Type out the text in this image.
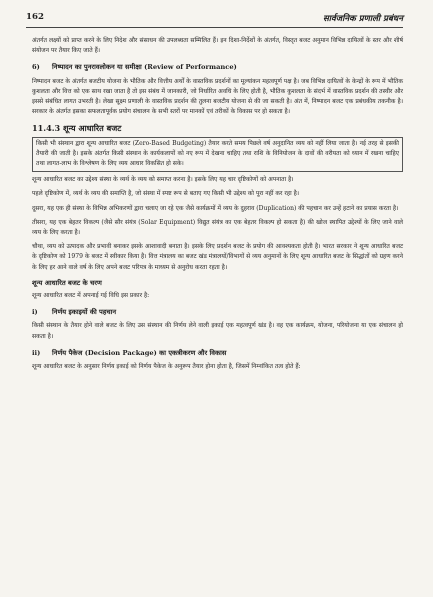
162	सार्वजनिक प्रणाली प्रबंधन

अंतर्गत लक्ष्यों को प्राप्त करने के लिए निदेश और संसाधन की उपलब्धता सम्मिलित हैं। इन दिशा-निर्देशों के अंतर्गत, विस्तृत बजट अनुमान विभिन्न दायित्वों के स्तर और शीर्ष संयोजन पर तैयार किए जाते हैं।

6) निष्पादन का पुनरावलोकन या समीक्षा (Review of Performance)

निष्पादन बजट के अंतर्गत बजटीय योजना के भौतिक और वित्तीय अर्थों के वास्तविक प्रदर्शनों का मूल्यांकन महत्वपूर्ण पक्ष है। जब विभिन्न दायित्वों के केन्द्रों के रूप में भौतिक कुशलता और वित्त को एक साथ रखा जाता है तो इस संबंध में जानकारी, जो निर्धारित अवधि के लिए होती है, भौतिक कुशलता के संदर्भ में वास्तविक प्रदर्शन की तस्वीर और इससे संबंधित लागत उभरती है। लेखा सूक्ष्म प्रणाली के वास्तविक प्रदर्शन की तुलना बजटीय योजना से की जा सकती है। अंत में, निष्पादन बजट एक प्रबंधकीय तकनीक है। सरकार के अंतर्गत इसका सफलतापूर्वक प्रयोग संचालन के सभी स्तरों पर मानकों एवं तरीकों के विकास पर हो सकता है।

11.4.3 शून्य आधारित बजट
किसी भी संस्थान द्वारा शून्य आधारित बजट (Zero-Based Budgeting) तैयार करते समय पिछले वर्ष अनुदानित व्यय को नहीं लिया जाता है। नई तरह से इसकी तैयारी की जाती है। इसके अंतर्गत किसी संस्थान के कार्यकलापों को नए रूप में देखना चाहिए तथा राशि के विनियोजन के दावों की वरीयता को ध्यान में रखना चाहिए तथा लागत-लाभ के विश्लेषण के लिए व्यय आधार विकसित हो सके।

शून्य आधारित बजट का उद्देश्य संस्था के व्यर्थ के व्यय को समाप्त करना है। इसके लिए यह चार दृष्टिकोणों को अपनाता है।

पहले दृष्टिकोण में, व्यर्थ के व्यय की समाप्ति है, जो संस्था में स्पष्ट रूप से बताए गए किसी भी उद्देश्य को पूरा नहीं कर रहा है।

दूसरा, यह एक ही संस्था के विभिन्न अभिकरणों द्वारा चलाए जा रहे एक जैसे कार्यक्रमों में व्यय के दुहराव (Duplication) की पहचान कर उन्हें हटाने का प्रयास करता है।

तीसरा, यह एक बेहतर विकल्प (जैसे सौर संयंत्र (Solar Equipment) विद्युत संयंत्र का एक बेहतर विकल्प हो सकता है) की खोज स्थापित उद्देश्यों के लिए जाने वाले व्यय के लिए करता है।

चौथा, व्यय को उत्पादक और प्रभावी बनाकर इसके आशावादी बनाता है। इसके लिए प्रदर्शन बजट के प्रयोग की आवश्यकता होती है। भारत सरकार ने शून्य आधारित बजट के दृष्टिकोण को 1979 के बजट में स्वीकार किया है। वित्त मंत्रालय का बजट खंड मंत्रालयों/विभागों से व्यय अनुमानों के लिए शून्य आधारित बजट के सिद्धांतों को ग्रहण करने के लिए हर आने वाले वर्ष के लिए अपने बजट परिपत्र के माध्यम से अनुरोध करता रहता है।

शून्य आधारित बजट के चरण

शून्य आधारित बजट में अपनाई गई विधि इस प्रकार है:

i) निर्णय इकाइयों की पहचान

किसी संस्थान के तैयार होने वाले बजट के लिए उस संस्थान की निर्णय लेने वाली इकाई एक महत्वपूर्ण खंड है। वह एक कार्यक्रम, योजना, परियोजना या एक संचालन हो सकता है।

ii) निर्णय पैकेज (Decision Package) का एकत्रीकरण और विकास

शून्य आधारित बजट के अनुसार निर्णय इकाई को निर्णय पैकेज के अनुरूप तैयार होना होता है, जिसमें निम्नांकित तत्व होते हैं:
